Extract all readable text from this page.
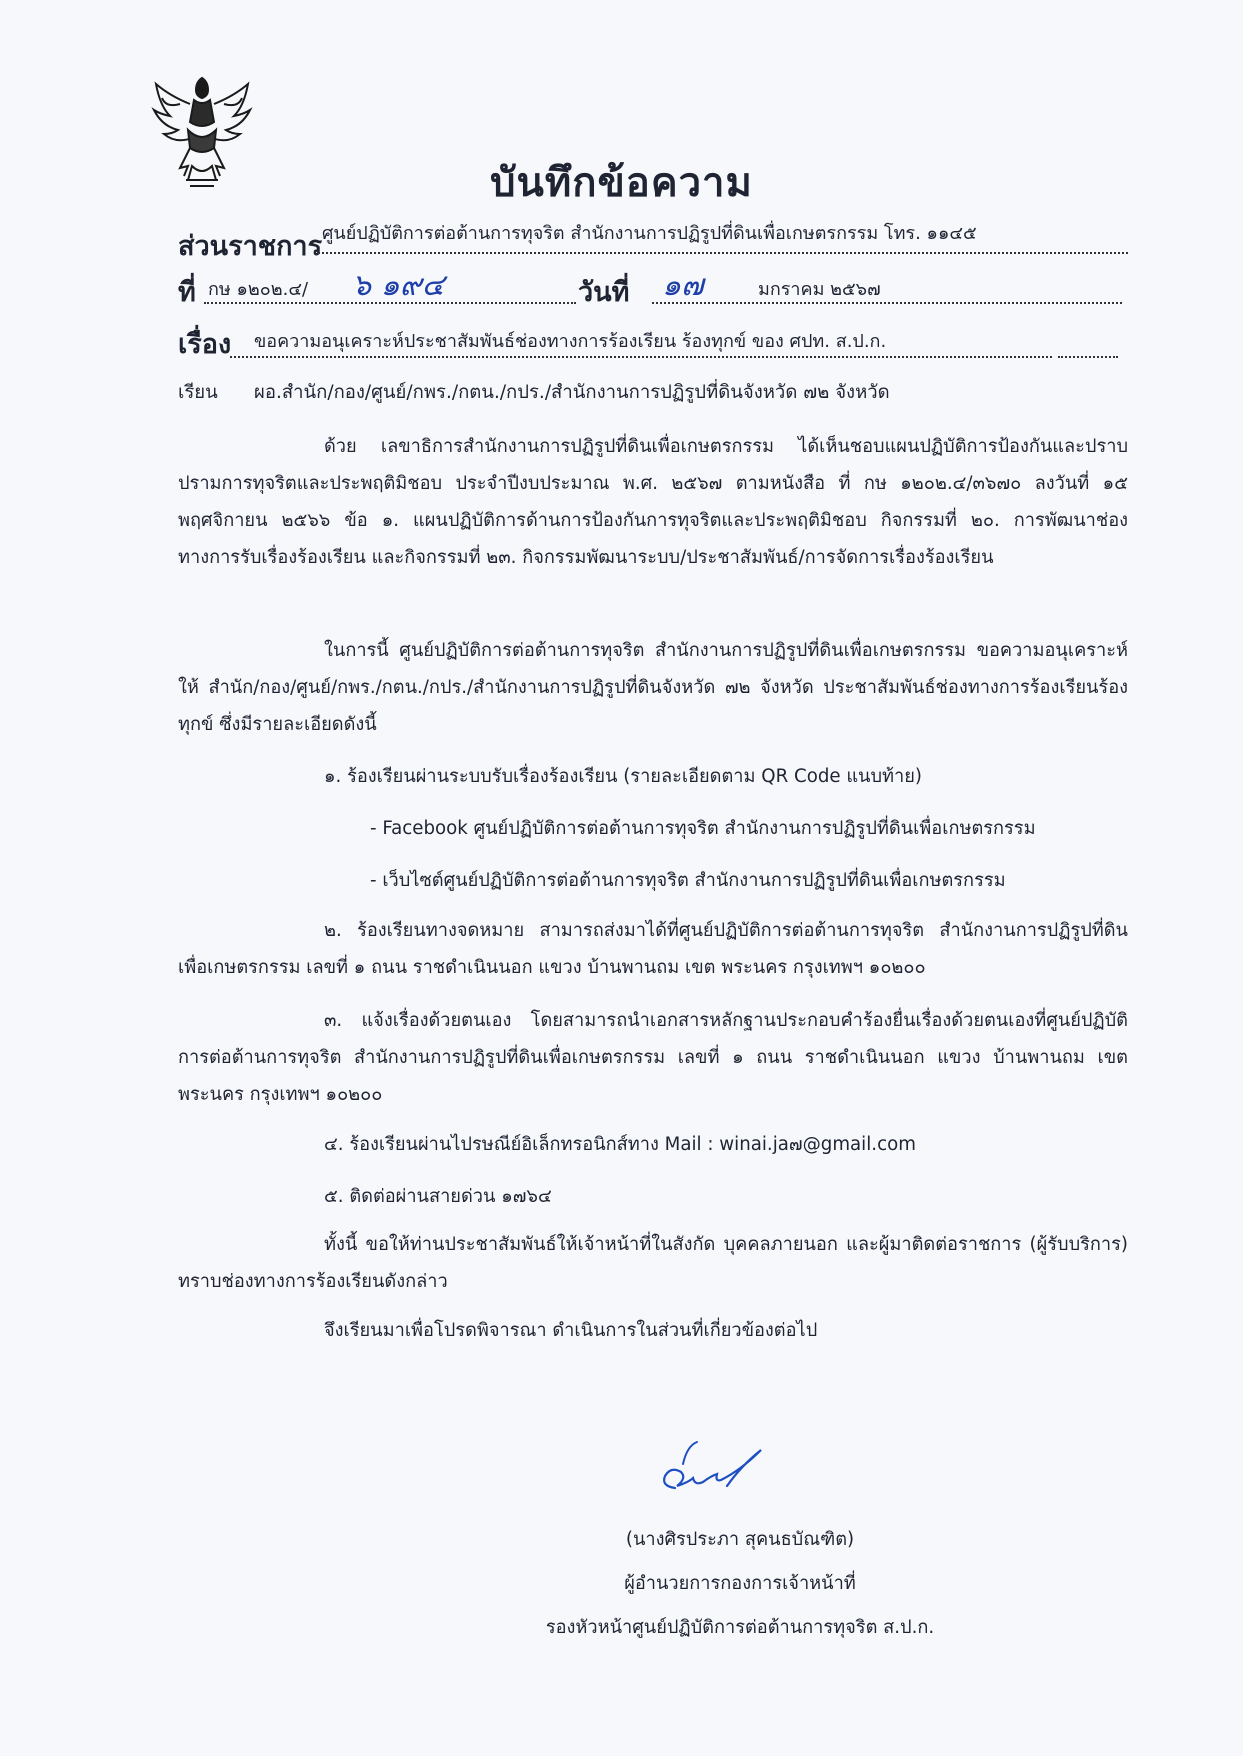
บันทึกข้อความ
ส่วนราชการ ศูนย์ปฏิบัติการต่อต้านการทุจริต สำนักงานการปฏิรูปที่ดินเพื่อเกษตรกรรม โทร. ๑๑๔๕
ที่ กษ ๑๒๐๒.๔/ ๖ ๑๙๔	วันที่ ๑๗	มกราคม ๒๕๖๗
เรื่อง ขอความอนุเคราะห์ประชาสัมพันธ์ช่องทางการร้องเรียน ร้องทุกข์ ของ ศปท. ส.ป.ก.
เรียน ผอ.สำนัก/กอง/ศูนย์/กพร./กตน./กปร./สำนักงานการปฏิรูปที่ดินจังหวัด ๗๒ จังหวัด
ด้วย เลขาธิการสำนักงานการปฏิรูปที่ดินเพื่อเกษตรกรรม ได้เห็นชอบแผนปฏิบัติการป้องกันและปราบปรามการทุจริตและประพฤติมิชอบ ประจำปีงบประมาณ พ.ศ. ๒๕๖๗ ตามหนังสือ ที่ กษ ๑๒๐๒.๔/๓๖๗๐ ลงวันที่ ๑๕ พฤศจิกายน ๒๕๖๖ ข้อ ๑. แผนปฏิบัติการด้านการป้องกันการทุจริตและประพฤติมิชอบ กิจกรรมที่ ๒๐. การพัฒนาช่องทางการรับเรื่องร้องเรียน และกิจกรรมที่ ๒๓. กิจกรรมพัฒนาระบบ/ประชาสัมพันธ์/การจัดการเรื่องร้องเรียน
ในการนี้ ศูนย์ปฏิบัติการต่อต้านการทุจริต สำนักงานการปฏิรูปที่ดินเพื่อเกษตรกรรม ขอความอนุเคราะห์ให้ สำนัก/กอง/ศูนย์/กพร./กตน./กปร./สำนักงานการปฏิรูปที่ดินจังหวัด ๗๒ จังหวัด ประชาสัมพันธ์ช่องทางการร้องเรียนร้องทุกข์ ซึ่งมีรายละเอียดดังนี้
๑. ร้องเรียนผ่านระบบรับเรื่องร้องเรียน (รายละเอียดตาม QR Code แนบท้าย)
- Facebook ศูนย์ปฏิบัติการต่อต้านการทุจริต สำนักงานการปฏิรูปที่ดินเพื่อเกษตรกรรม
- เว็บไซต์ศูนย์ปฏิบัติการต่อต้านการทุจริต สำนักงานการปฏิรูปที่ดินเพื่อเกษตรกรรม
๒. ร้องเรียนทางจดหมาย สามารถส่งมาได้ที่ศูนย์ปฏิบัติการต่อต้านการทุจริต สำนักงานการปฏิรูปที่ดินเพื่อเกษตรกรรม เลขที่ ๑ ถนน ราชดำเนินนอก แขวง บ้านพานถม เขต พระนคร กรุงเทพฯ ๑๐๒๐๐
๓. แจ้งเรื่องด้วยตนเอง โดยสามารถนำเอกสารหลักฐานประกอบคำร้องยื่นเรื่องด้วยตนเองที่ศูนย์ปฏิบัติการต่อต้านการทุจริต สำนักงานการปฏิรูปที่ดินเพื่อเกษตรกรรม เลขที่ ๑ ถนน ราชดำเนินนอก แขวง บ้านพานถม เขต พระนคร กรุงเทพฯ ๑๐๒๐๐
๔. ร้องเรียนผ่านไปรษณีย์อิเล็กทรอนิกส์ทาง Mail : winai.ja๗@gmail.com
๕. ติดต่อผ่านสายด่วน ๑๗๖๔
ทั้งนี้ ขอให้ท่านประชาสัมพันธ์ให้เจ้าหน้าที่ในสังกัด บุคคลภายนอก และผู้มาติดต่อราชการ (ผู้รับบริการ) ทราบช่องทางการร้องเรียนดังกล่าว
จึงเรียนมาเพื่อโปรดพิจารณา ดำเนินการในส่วนที่เกี่ยวข้องต่อไป
(นางศิรประภา สุคนธบัณฑิต)
ผู้อำนวยการกองการเจ้าหน้าที่
รองหัวหน้าศูนย์ปฏิบัติการต่อต้านการทุจริต ส.ป.ก.
